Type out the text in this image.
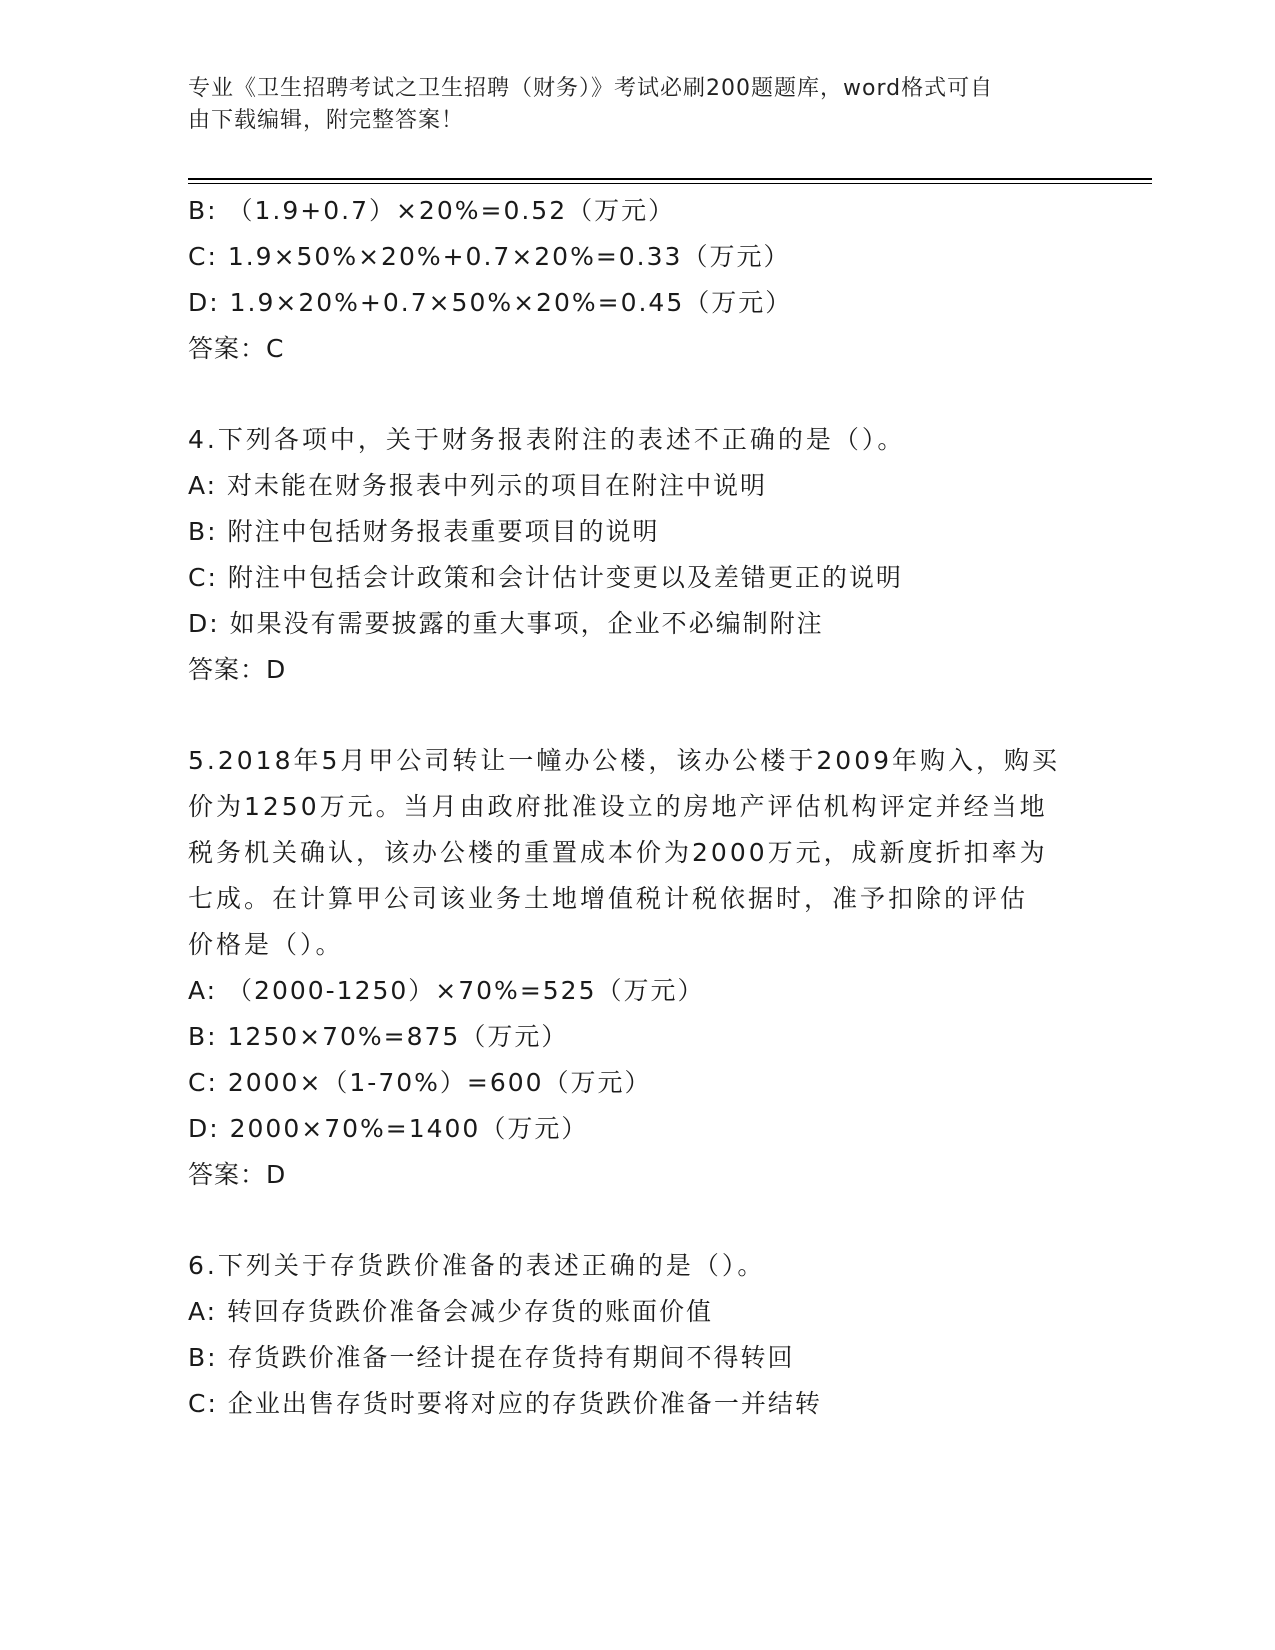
专业《卫生招聘考试之卫生招聘（财务）》考试必刷200题题库，word格式可自
由下载编辑，附完整答案！
B: （1.9+0.7）×20%=0.52（万元）
C: 1.9×50%×20%+0.7×20%=0.33（万元）
D: 1.9×20%+0.7×50%×20%=0.45（万元）
答案：C
4.下列各项中，关于财务报表附注的表述不正确的是（）。
A: 对未能在财务报表中列示的项目在附注中说明
B: 附注中包括财务报表重要项目的说明
C: 附注中包括会计政策和会计估计变更以及差错更正的说明
D: 如果没有需要披露的重大事项，企业不必编制附注
答案：D
5.2018年5月甲公司转让一幢办公楼，该办公楼于2009年购入，购买
价为1250万元。当月由政府批准设立的房地产评估机构评定并经当地
税务机关确认，该办公楼的重置成本价为2000万元，成新度折扣率为
七成。在计算甲公司该业务土地增值税计税依据时，准予扣除的评估
价格是（）。
A: （2000-1250）×70%=525（万元）
B: 1250×70%=875（万元）
C: 2000×（1-70%）=600（万元）
D: 2000×70%=1400（万元）
答案：D
6.下列关于存货跌价准备的表述正确的是（）。
A: 转回存货跌价准备会减少存货的账面价值
B: 存货跌价准备一经计提在存货持有期间不得转回
C: 企业出售存货时要将对应的存货跌价准备一并结转
